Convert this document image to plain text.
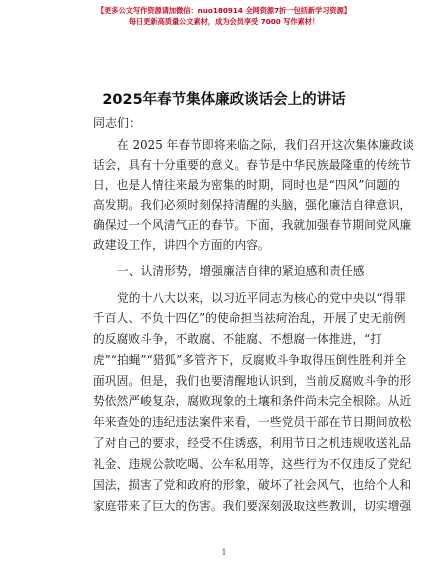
【更多公文写作资源请加微信：nuo180914 全网资源7折一包括新学习资源】
每日更新高质量公文素材，成为会员享受 7000 写作素材！
2025年春节集体廉政谈话会上的讲话
同志们：
在 2025 年春节即将来临之际，我们召开这次集体廉政谈
话会，具有十分重要的意义。春节是中华民族最隆重的传统节
日，也是人情往来最为密集的时期，同时也是“四风”问题的
高发期。我们必须时刻保持清醒的头脑，强化廉洁自律意识，
确保过一个风清气正的春节。下面，我就加强春节期间党风廉
政建设工作，讲四个方面的内容。
一、认清形势，增强廉洁自律的紧迫感和责任感
党的十八大以来，以习近平同志为核心的党中央以“得罪
千百人、不负十四亿”的使命担当祛疴治乱，开展了史无前例
的反腐败斗争，不敢腐、不能腐、不想腐一体推进，“打
虎”“拍蝇”“猎狐”多管齐下，反腐败斗争取得压倒性胜利并全
面巩固。但是，我们也要清醒地认识到，当前反腐败斗争的形
势依然严峻复杂，腐败现象的土壤和条件尚未完全根除。从近
年来查处的违纪违法案件来看，一些党员干部在节日期间放松
了对自己的要求，经受不住诱惑，利用节日之机违规收送礼品
礼金、违规公款吃喝、公车私用等，这些行为不仅违反了党纪
国法，损害了党和政府的形象，破坏了社会风气，也给个人和
家庭带来了巨大的伤害。我们要深刻汲取这些教训，切实增强
1
